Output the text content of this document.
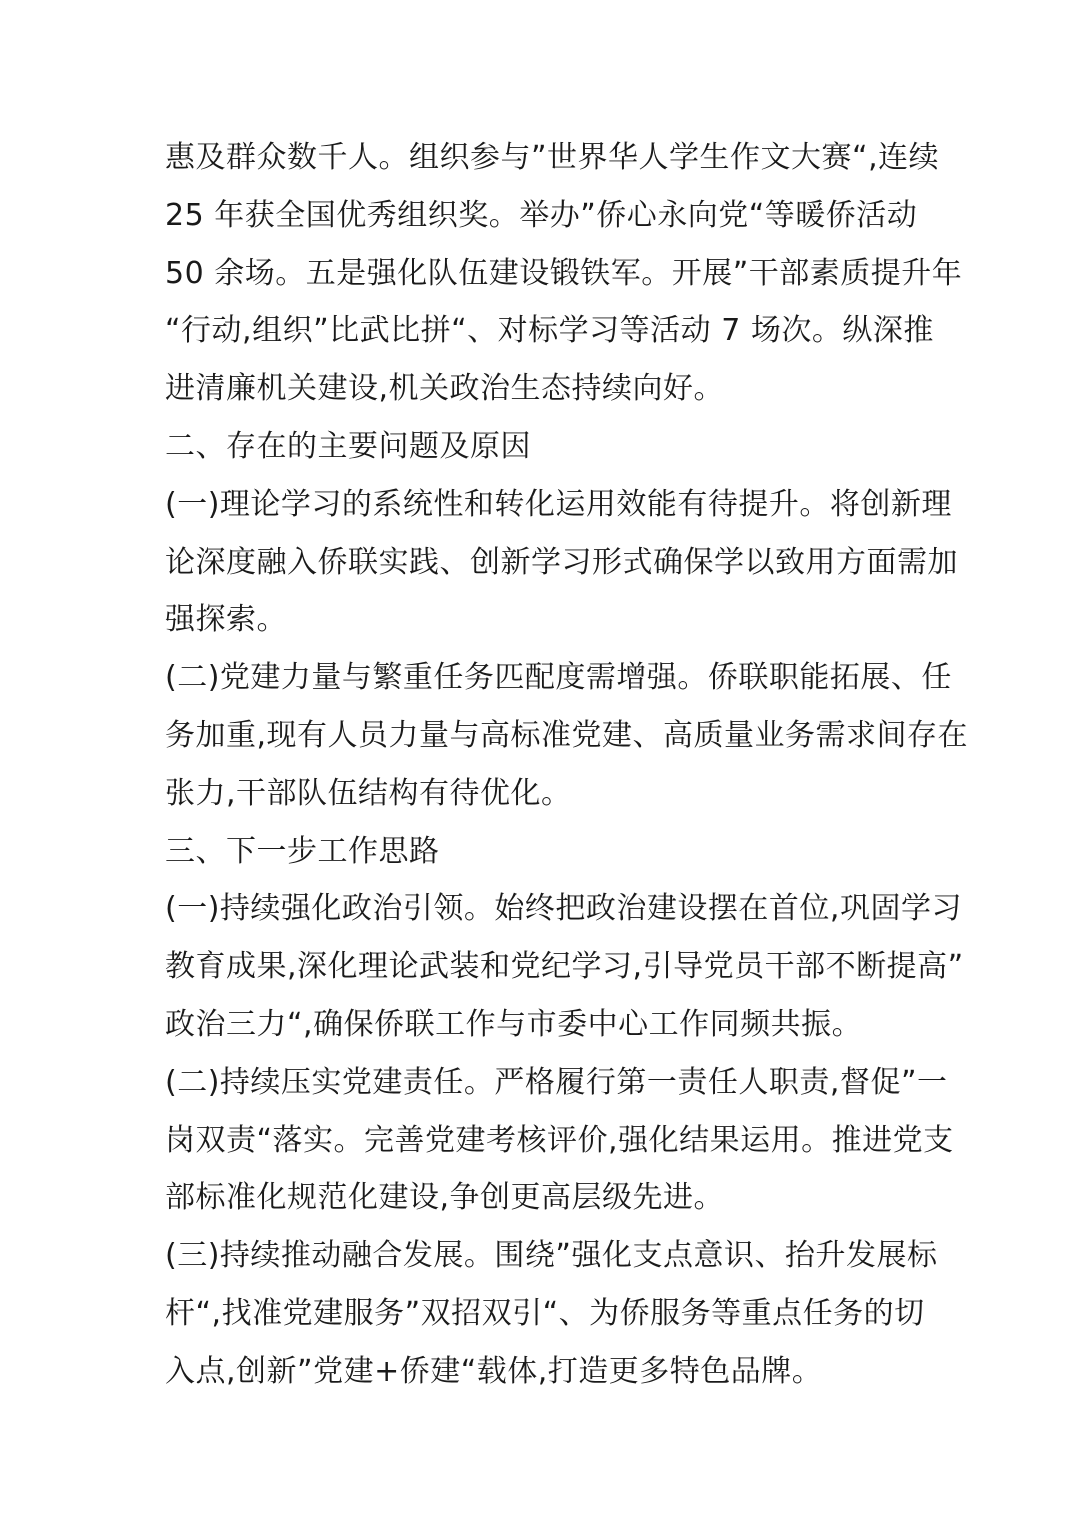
惠及群众数千人。组织参与”世界华人学生作文大赛“,连续
25 年获全国优秀组织奖。举办”侨心永向党“等暖侨活动
50 余场。五是强化队伍建设锻铁军。开展”干部素质提升年
“行动,组织”比武比拼“、对标学习等活动 7 场次。纵深推
进清廉机关建设,机关政治生态持续向好。
二、存在的主要问题及原因
(一)理论学习的系统性和转化运用效能有待提升。将创新理
论深度融入侨联实践、创新学习形式确保学以致用方面需加
强探索。
(二)党建力量与繁重任务匹配度需增强。侨联职能拓展、任
务加重,现有人员力量与高标准党建、高质量业务需求间存在
张力,干部队伍结构有待优化。
三、下一步工作思路
(一)持续强化政治引领。始终把政治建设摆在首位,巩固学习
教育成果,深化理论武装和党纪学习,引导党员干部不断提高”
政治三力“,确保侨联工作与市委中心工作同频共振。
(二)持续压实党建责任。严格履行第一责任人职责,督促”一
岗双责“落实。完善党建考核评价,强化结果运用。推进党支
部标准化规范化建设,争创更高层级先进。
(三)持续推动融合发展。围绕”强化支点意识、抬升发展标
杆“,找准党建服务”双招双引“、为侨服务等重点任务的切
入点,创新”党建+侨建“载体,打造更多特色品牌。
